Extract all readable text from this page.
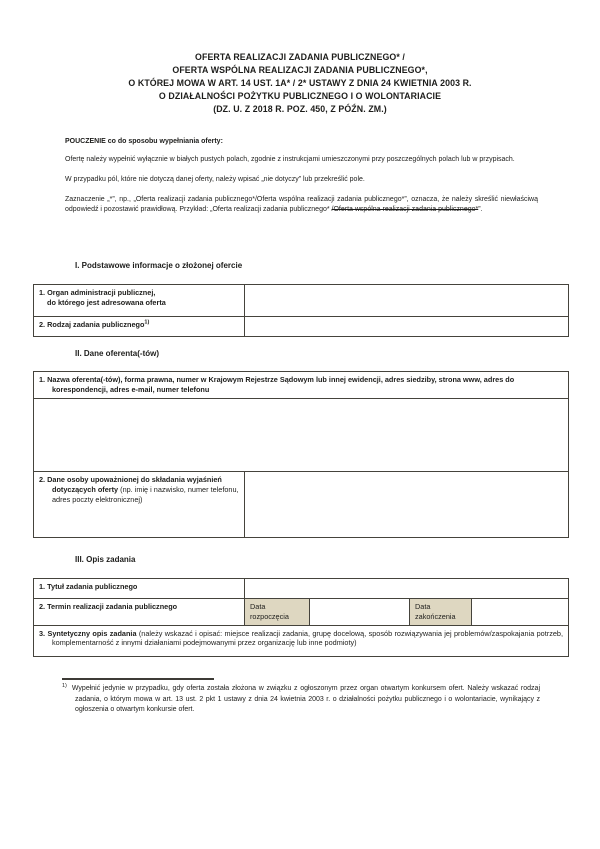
OFERTA REALIZACJI ZADANIA PUBLICZNEGO* /
OFERTA WSPÓLNA REALIZACJI ZADANIA PUBLICZNEGO*,
O KTÓREJ MOWA W ART. 14 UST. 1A* / 2* USTAWY Z DNIA 24 KWIETNIA 2003 R.
O DZIAŁALNOŚCI POŻYTKU PUBLICZNEGO I O WOLONTARIACIE
(DZ. U. Z 2018 R. POZ. 450, Z PÓŹN. ZM.)
POUCZENIE co do sposobu wypełniania oferty:

Ofertę należy wypełnić wyłącznie w białych pustych polach, zgodnie z instrukcjami umieszczonymi przy poszczególnych polach lub w przypisach.

W przypadku pól, które nie dotyczą danej oferty, należy wpisać „nie dotyczy” lub przekreślić pole.

Zaznaczenie „*”, np., „Oferta realizacji zadania publicznego*/Oferta wspólna realizacji zadania publicznego*”, oznacza, że należy skreślić niewłaściwą odpowiedź i pozostawić prawidłową. Przykład: „Oferta realizacji zadania publicznego* /Oferta wspólna realizacji zadania publicznego*”.

I. Podstawowe informacje o złożonej ofercie
1. Organ administracji publicznej,
do którego jest adresowana oferta	

2. Rodzaj zadania publicznego$^{1)}$	
II. Dane oferenta(-tów)
1. Nazwa oferenta(-tów), forma prawna, numer w Krajowym Rejestrze Sądowym lub innej ewidencji, adres siedziby, strona www, adres do korespondencji, adres e-mail, numer telefonu

2. Dane osoby upoważnionej do składania wyjaśnień dotyczących oferty (np. imię i nazwisko, numer telefonu, adres poczty elektronicznej)

III. Opis zadania
1. Tytuł zadania publicznego				
2. Termin realizacji zadania publicznego	Data rozpoczęcia		Data zakończenia	

3. Syntetyczny opis zadania (należy wskazać i opisać: miejsce realizacji zadania, grupę docelową, sposób rozwiązywania jej problemów/zaspokajania potrzeb, komplementarność z innymi działaniami podejmowanymi przez organizację lub inne podmioty)				
$^{1)}$ Wypełnić jedynie w przypadku, gdy oferta została złożona w związku z ogłoszonym przez organ otwartym konkursem ofert. Należy wskazać rodzaj zadania, o którym mowa w art. 13 ust. 2 pkt 1 ustawy z dnia 24 kwietnia 2003 r. o działalności pożytku publicznego i o wolontariacie, wynikający z ogłoszenia o otwartym konkursie ofert.
